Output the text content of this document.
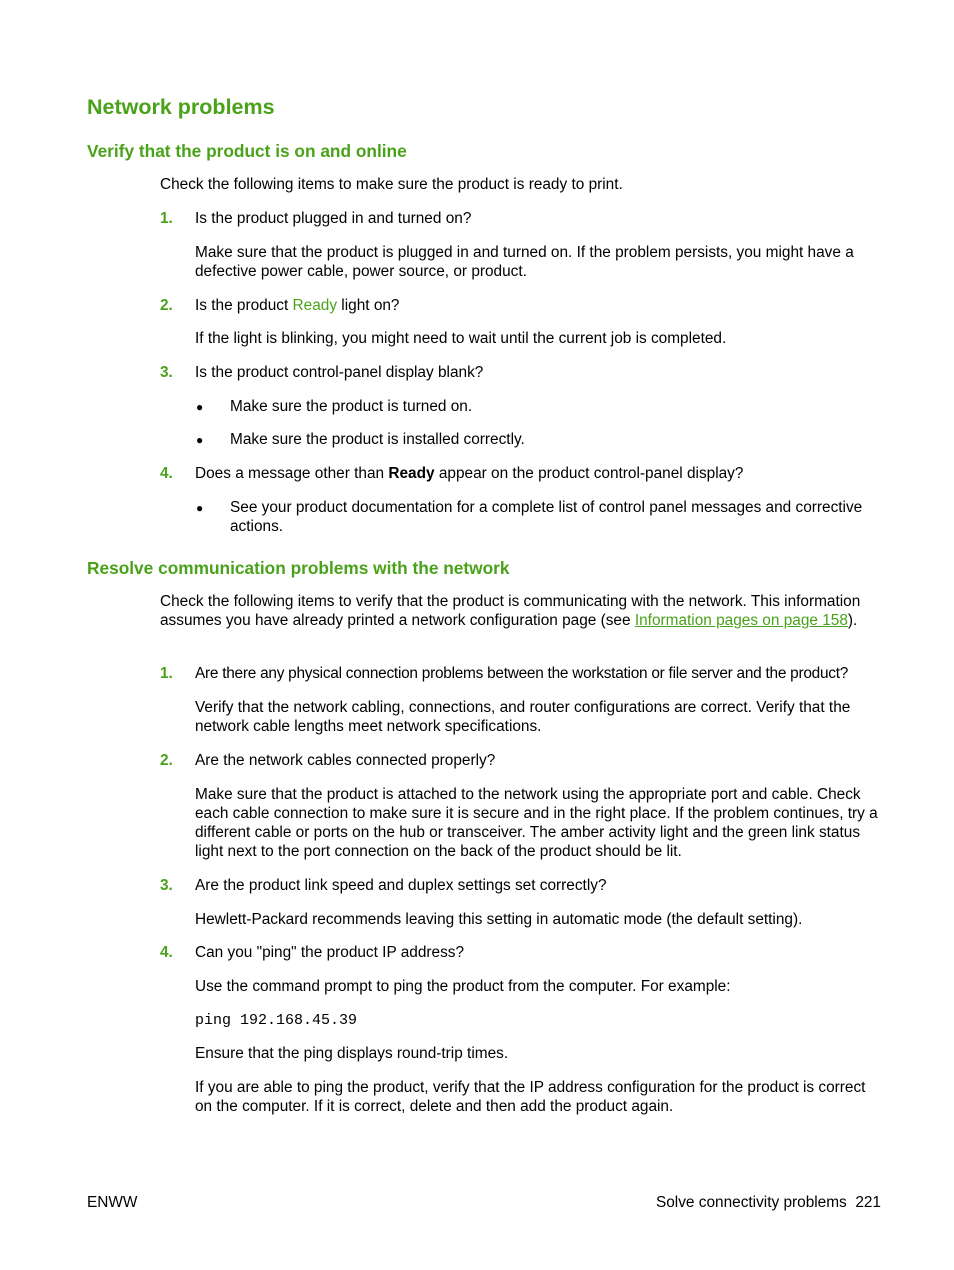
Network problems
Verify that the product is on and online

Check the following items to make sure the product is ready to print.

1. Is the product plugged in and turned on?

Make sure that the product is plugged in and turned on. If the problem persists, you might have a defective power cable, power source, or product.

2. Is the product Ready light on?

If the light is blinking, you might need to wait until the current job is completed.

3. Is the product control-panel display blank?

● Make sure the product is turned on.

● Make sure the product is installed correctly.

4. Does a message other than Ready appear on the product control-panel display?

● See your product documentation for a complete list of control panel messages and corrective actions.

Resolve communication problems with the network

Check the following items to verify that the product is communicating with the network. This information assumes you have already printed a network configuration page (see Information pages on page 158).

1. Are there any physical connection problems between the workstation or file server and the product?

Verify that the network cabling, connections, and router configurations are correct. Verify that the network cable lengths meet network specifications.

2. Are the network cables connected properly?

Make sure that the product is attached to the network using the appropriate port and cable. Check each cable connection to make sure it is secure and in the right place. If the problem continues, try a different cable or ports on the hub or transceiver. The amber activity light and the green link status light next to the port connection on the back of the product should be lit.

3. Are the product link speed and duplex settings set correctly?

Hewlett-Packard recommends leaving this setting in automatic mode (the default setting).

4. Can you "ping" the product IP address?

Use the command prompt to ping the product from the computer. For example:

ping 192.168.45.39

Ensure that the ping displays round-trip times.

If you are able to ping the product, verify that the IP address configuration for the product is correct on the computer. If it is correct, delete and then add the product again.

ENWW	Solve connectivity problems 221
